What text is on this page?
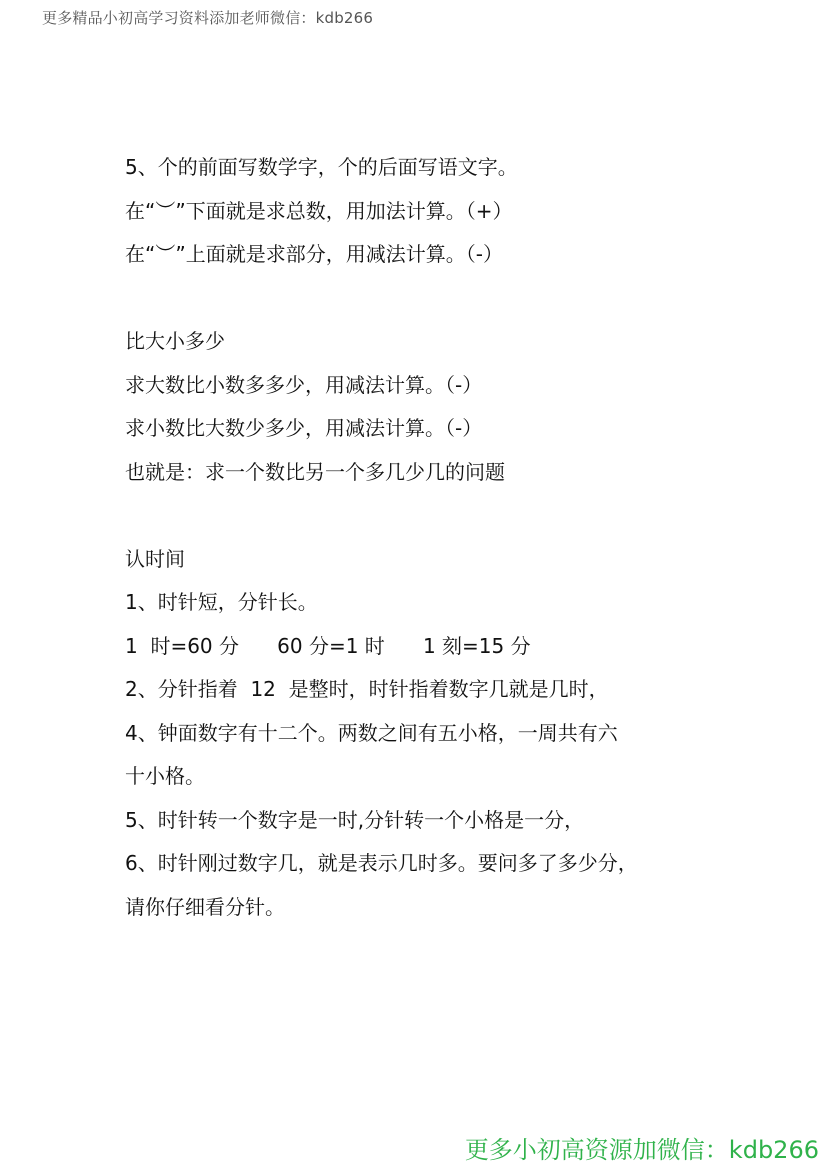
更多精品小初高学习资料添加老师微信：kdb266
5、个的前面写数学字，个的后面写语文字。
在“︶”下面就是求总数，用加法计算。（+）
在“︶”上面就是求部分，用减法计算。（-）
比大小多少
求大数比小数多多少，用减法计算。（-）
求小数比大数少多少，用减法计算。（-）
也就是：求一个数比另一个多几少几的问题
认时间
1、时针短，分针长。
1  时=60 分      60 分=1 时      1 刻=15 分
2、分针指着  12  是整时，时针指着数字几就是几时，
4、钟面数字有十二个。两数之间有五小格，一周共有六
十小格。
5、时针转一个数字是一时,分针转一个小格是一分，
6、时针刚过数字几，就是表示几时多。要问多了多少分，
请你仔细看分针。
更多小初高资源加微信：kdb266
